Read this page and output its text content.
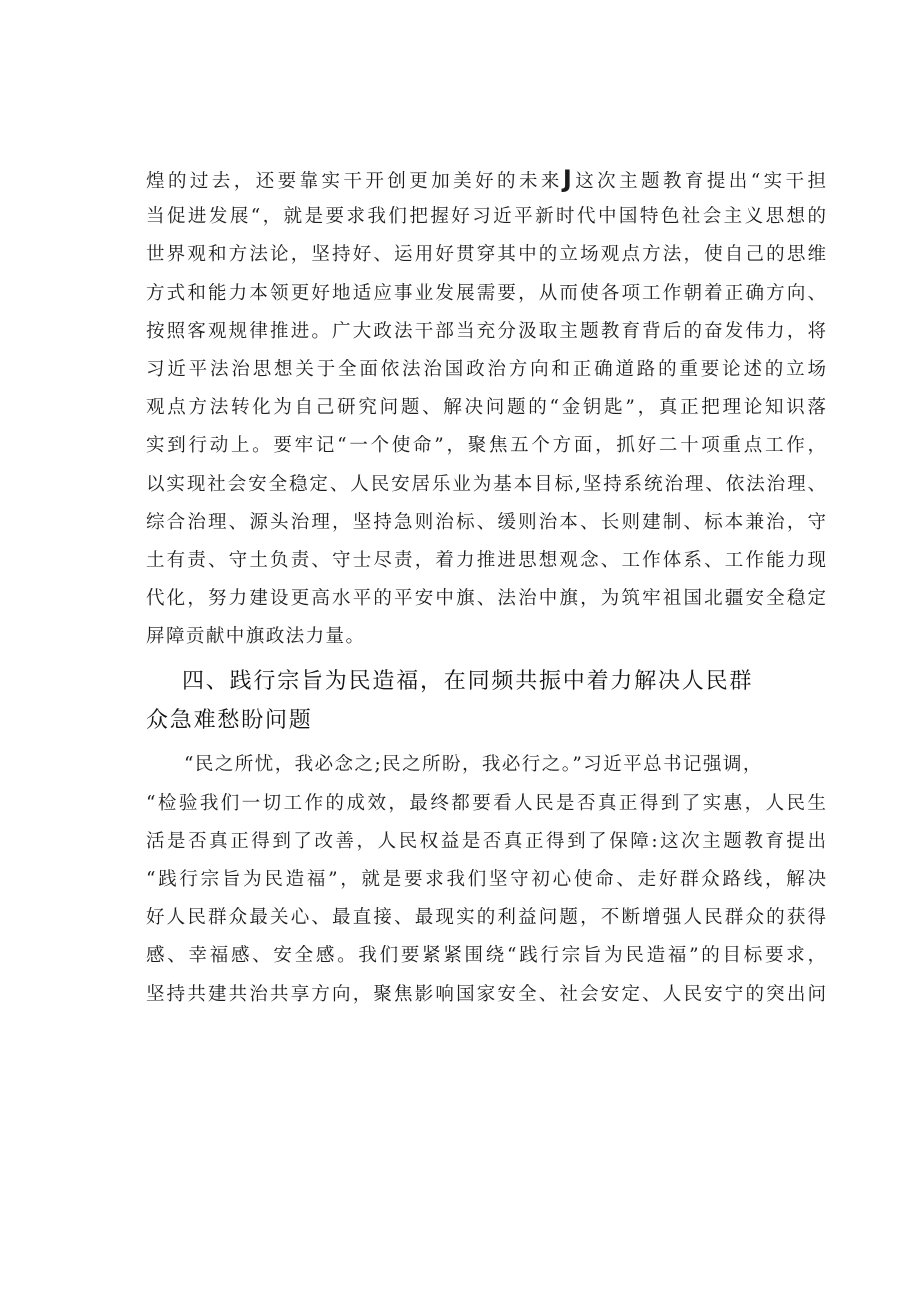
煌的过去，还要靠实干开创更加美好的未来J这次主题教育提出“实干担
当促进发展“，就是要求我们把握好习近平新时代中国特色社会主义思想的
世界观和方法论，坚持好、运用好贯穿其中的立场观点方法，使自己的思维
方式和能力本领更好地适应事业发展需要，从而使各项工作朝着正确方向、
按照客观规律推进。广大政法干部当充分汲取主题教育背后的奋发伟力，将
习近平法治思想关于全面依法治国政治方向和正确道路的重要论述的立场
观点方法转化为自己研究问题、解决问题的“金钥匙”，真正把理论知识落
实到行动上。要牢记“一个使命”，聚焦五个方面，抓好二十项重点工作，
以实现社会安全稳定、人民安居乐业为基本目标,坚持系统治理、依法治理、
综合治理、源头治理，坚持急则治标、缓则治本、长则建制、标本兼治，守
土有责、守土负责、守士尽责，着力推进思想观念、工作体系、工作能力现
代化，努力建设更高水平的平安中旗、法治中旗，为筑牢祖国北疆安全稳定
屏障贡献中旗政法力量。
四、践行宗旨为民造福，在同频共振中着力解决人民群
众急难愁盼问题
“民之所忧，我必念之;民之所盼，我必行之。”习近平总书记强调，
“检验我们一切工作的成效，最终都要看人民是否真正得到了实惠，人民生
活是否真正得到了改善，人民权益是否真正得到了保障:这次主题教育提出
“践行宗旨为民造福”，就是要求我们坚守初心使命、走好群众路线，解决
好人民群众最关心、最直接、最现实的利益问题，不断增强人民群众的获得
感、幸福感、安全感。我们要紧紧围绕“践行宗旨为民造福”的目标要求，
坚持共建共治共享方向，聚焦影响国家安全、社会安定、人民安宁的突出问
